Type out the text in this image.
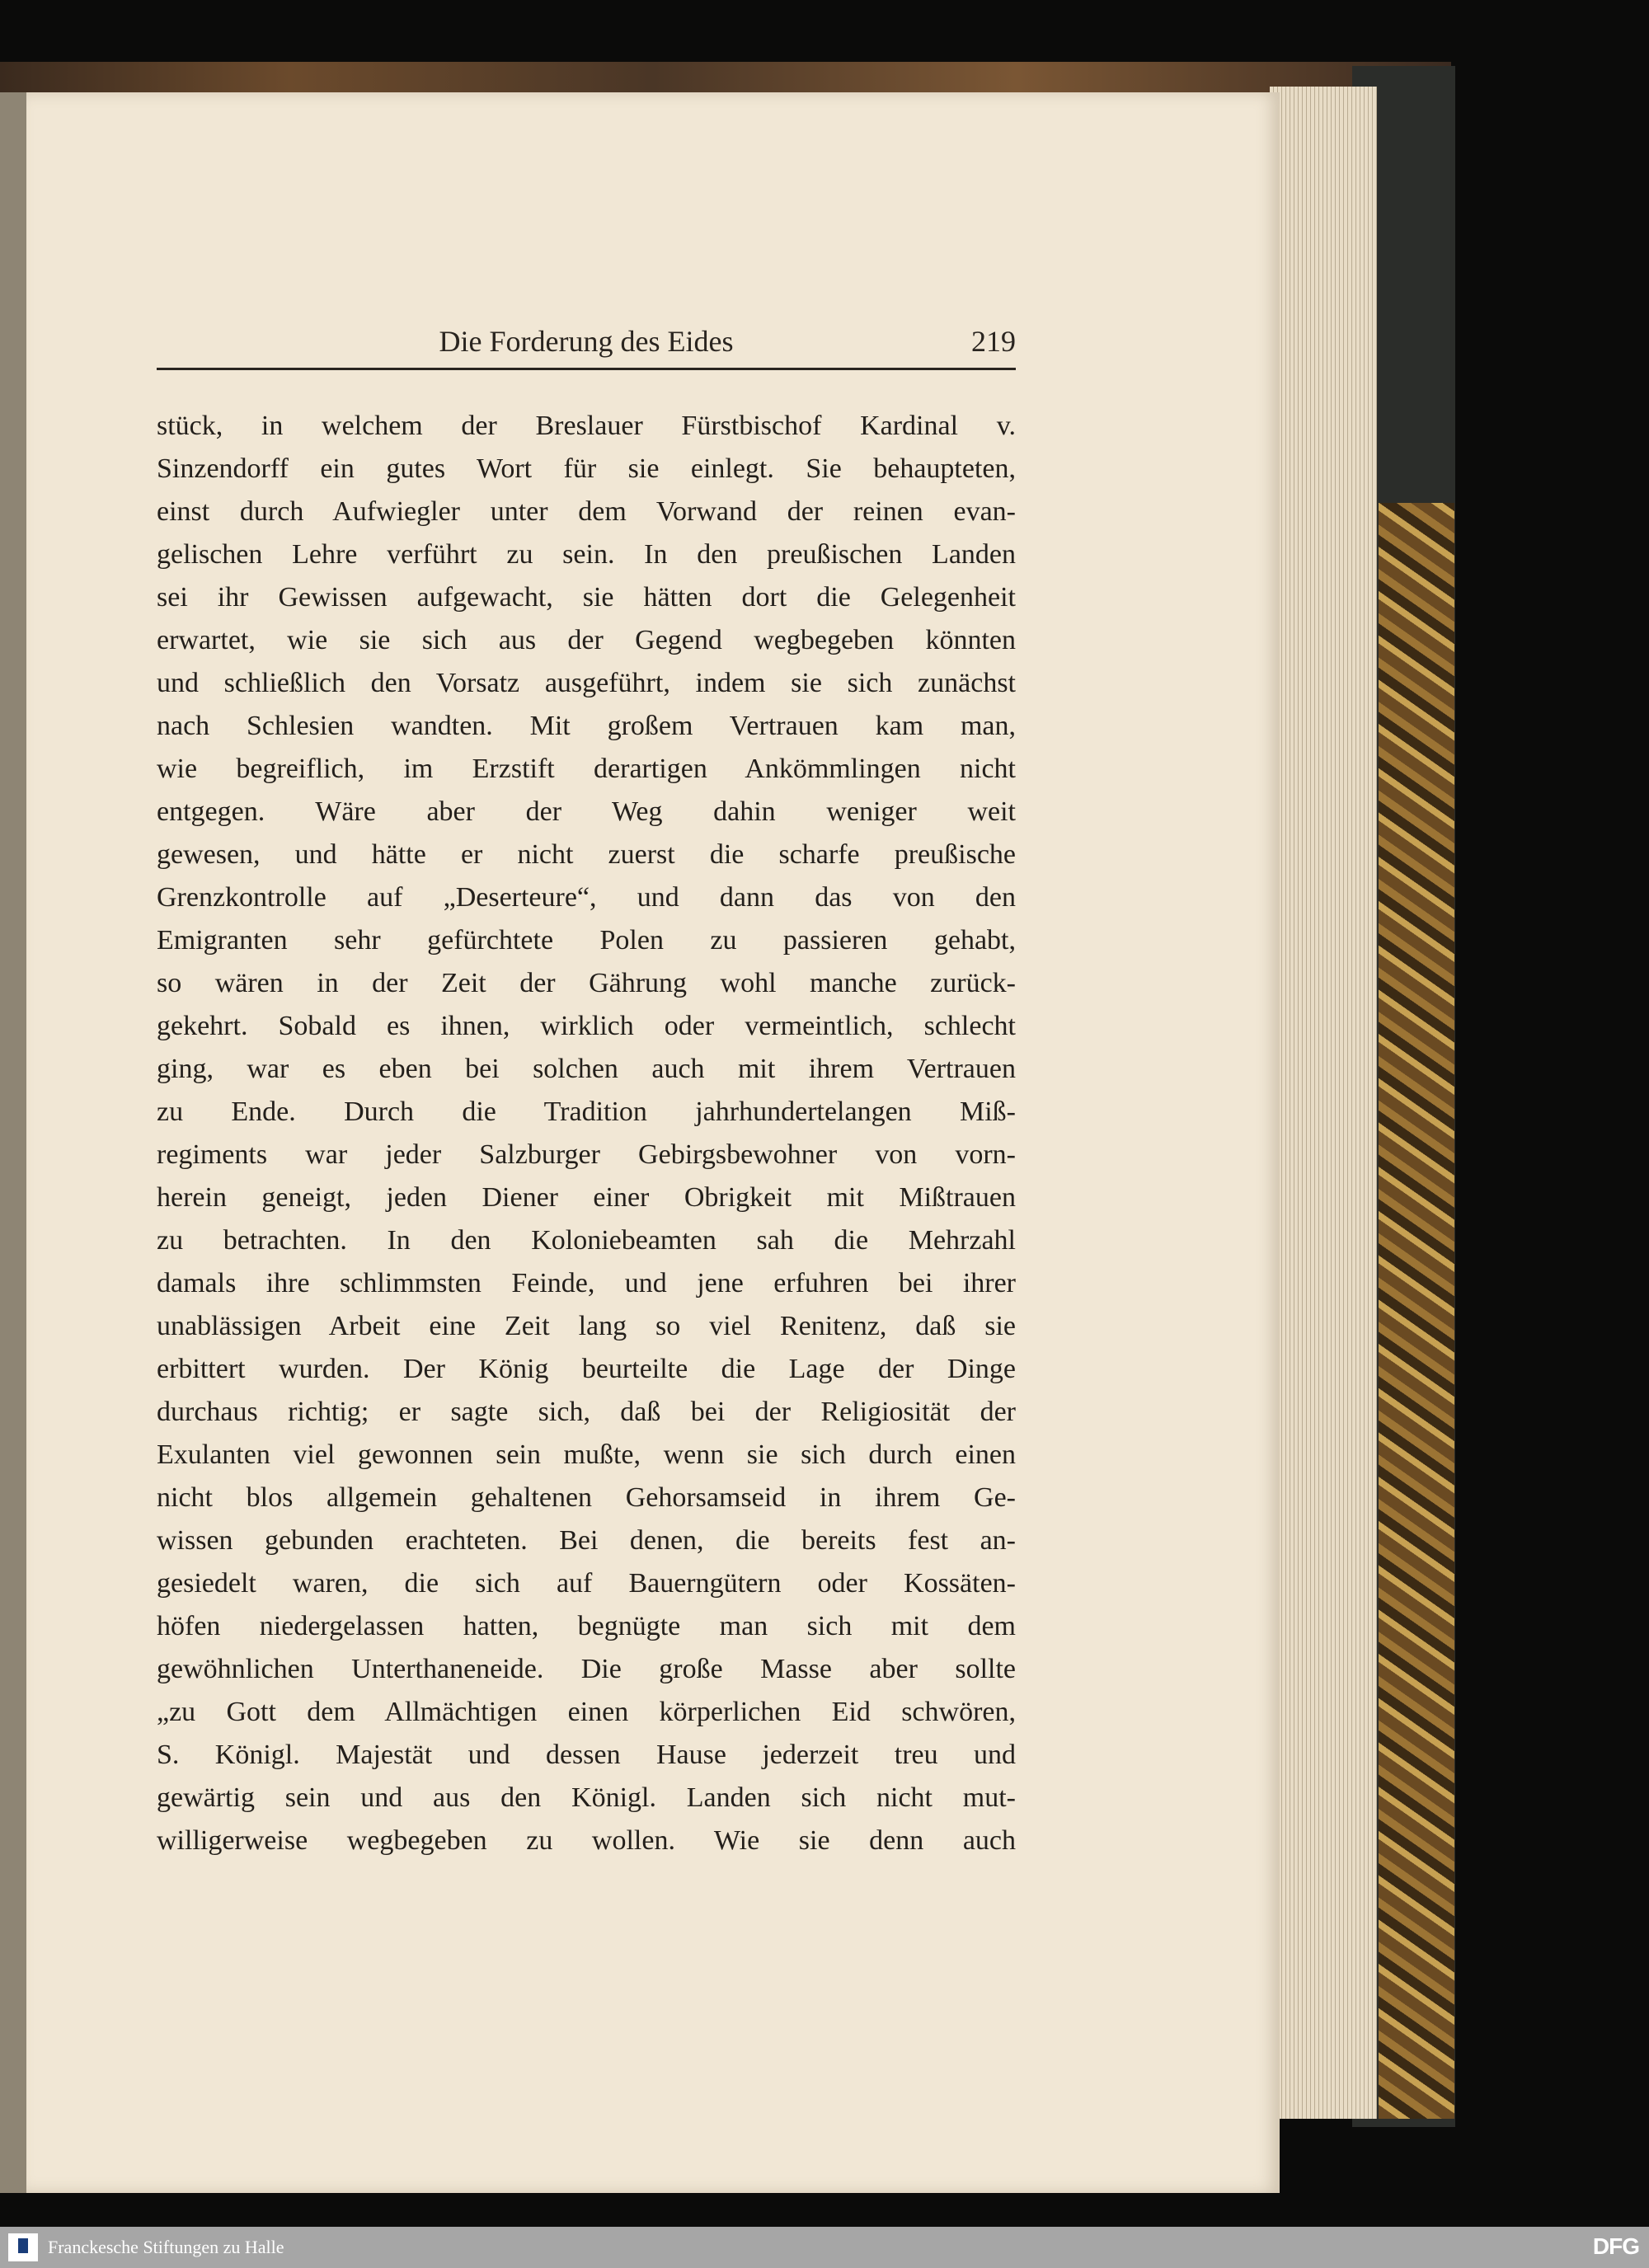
Die Forderung des Eides	219
stück, in welchem der Breslauer Fürstbischof Kardinal v.
Sinzendorff ein gutes Wort für sie einlegt. Sie behaupteten,
einst durch Aufwiegler unter dem Vorwand der reinen evan-
gelischen Lehre verführt zu sein. In den preußischen Landen
sei ihr Gewissen aufgewacht, sie hätten dort die Gelegenheit
erwartet, wie sie sich aus der Gegend wegbegeben könnten
und schließlich den Vorsatz ausgeführt, indem sie sich zunächst
nach Schlesien wandten. Mit großem Vertrauen kam man,
wie begreiflich, im Erzstift derartigen Ankömmlingen nicht
entgegen. Wäre aber der Weg dahin weniger weit
gewesen, und hätte er nicht zuerst die scharfe preußische
Grenzkontrolle auf „Deserteure“, und dann das von den
Emigranten sehr gefürchtete Polen zu passieren gehabt,
so wären in der Zeit der Gährung wohl manche zurück-
gekehrt. Sobald es ihnen, wirklich oder vermeintlich, schlecht
ging, war es eben bei solchen auch mit ihrem Vertrauen
zu Ende. Durch die Tradition jahrhundertelangen Miß-
regiments war jeder Salzburger Gebirgsbewohner von vorn-
herein geneigt, jeden Diener einer Obrigkeit mit Mißtrauen
zu betrachten. In den Koloniebeamten sah die Mehrzahl
damals ihre schlimmsten Feinde, und jene erfuhren bei ihrer
unablässigen Arbeit eine Zeit lang so viel Renitenz, daß sie
erbittert wurden. Der König beurteilte die Lage der Dinge
durchaus richtig; er sagte sich, daß bei der Religiosität der
Exulanten viel gewonnen sein mußte, wenn sie sich durch einen
nicht blos allgemein gehaltenen Gehorsamseid in ihrem Ge-
wissen gebunden erachteten. Bei denen, die bereits fest an-
gesiedelt waren, die sich auf Bauerngütern oder Kossäten-
höfen niedergelassen hatten, begnügte man sich mit dem
gewöhnlichen Unterthaneneide. Die große Masse aber sollte
„zu Gott dem Allmächtigen einen körperlichen Eid schwören,
S. Königl. Majestät und dessen Hause jederzeit treu und
gewärtig sein und aus den Königl. Landen sich nicht mut-
willigerweise wegbegeben zu wollen. Wie sie denn auch
Franckesche Stiftungen zu Halle	DFG
